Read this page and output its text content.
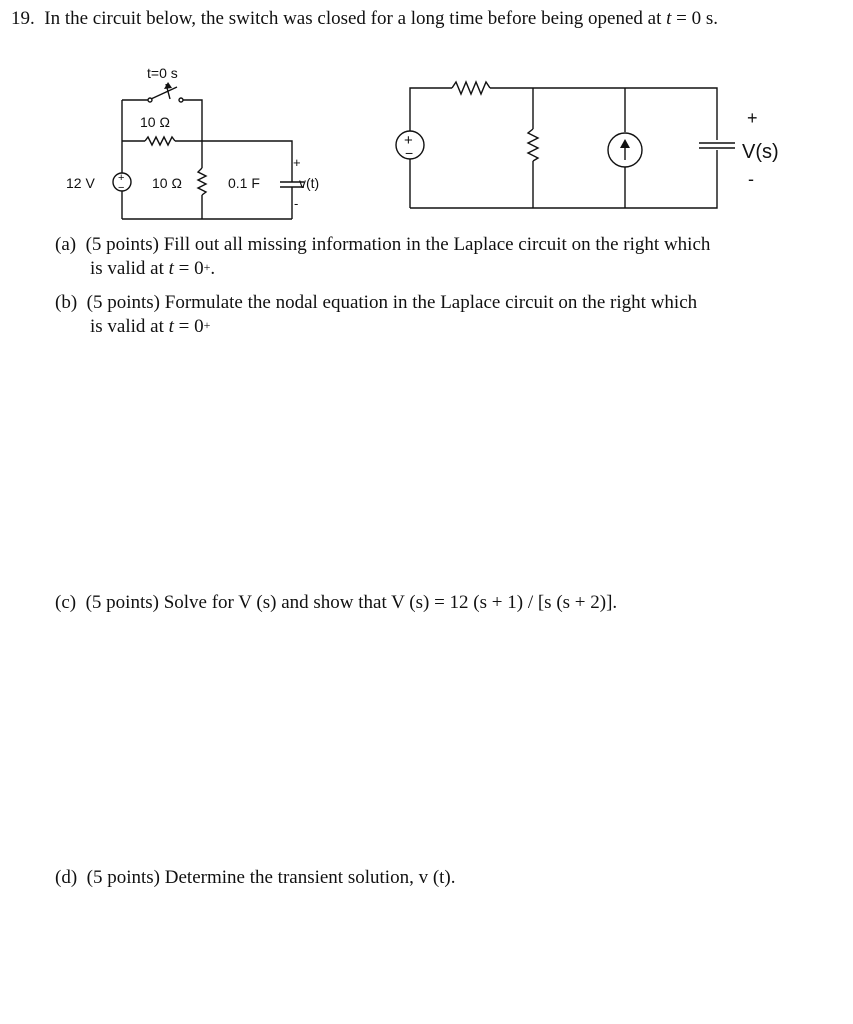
19. In the circuit below, the switch was closed for a long time before being opened at t = 0 s.
t=0 s
10 Ω
12 V +
− 10 Ω	0.1 F	v(t)
+
-
+
−	V(s)
+
-
(a) (5 points) Fill out all missing information in the Laplace circuit on the right which
is valid at t = 0+.
(b) (5 points) Formulate the nodal equation in the Laplace circuit on the right which
is valid at t = 0+
(c) (5 points) Solve for V (s) and show that V (s) = 12 (s + 1) / [s (s + 2)].
(d) (5 points) Determine the transient solution, v (t).
